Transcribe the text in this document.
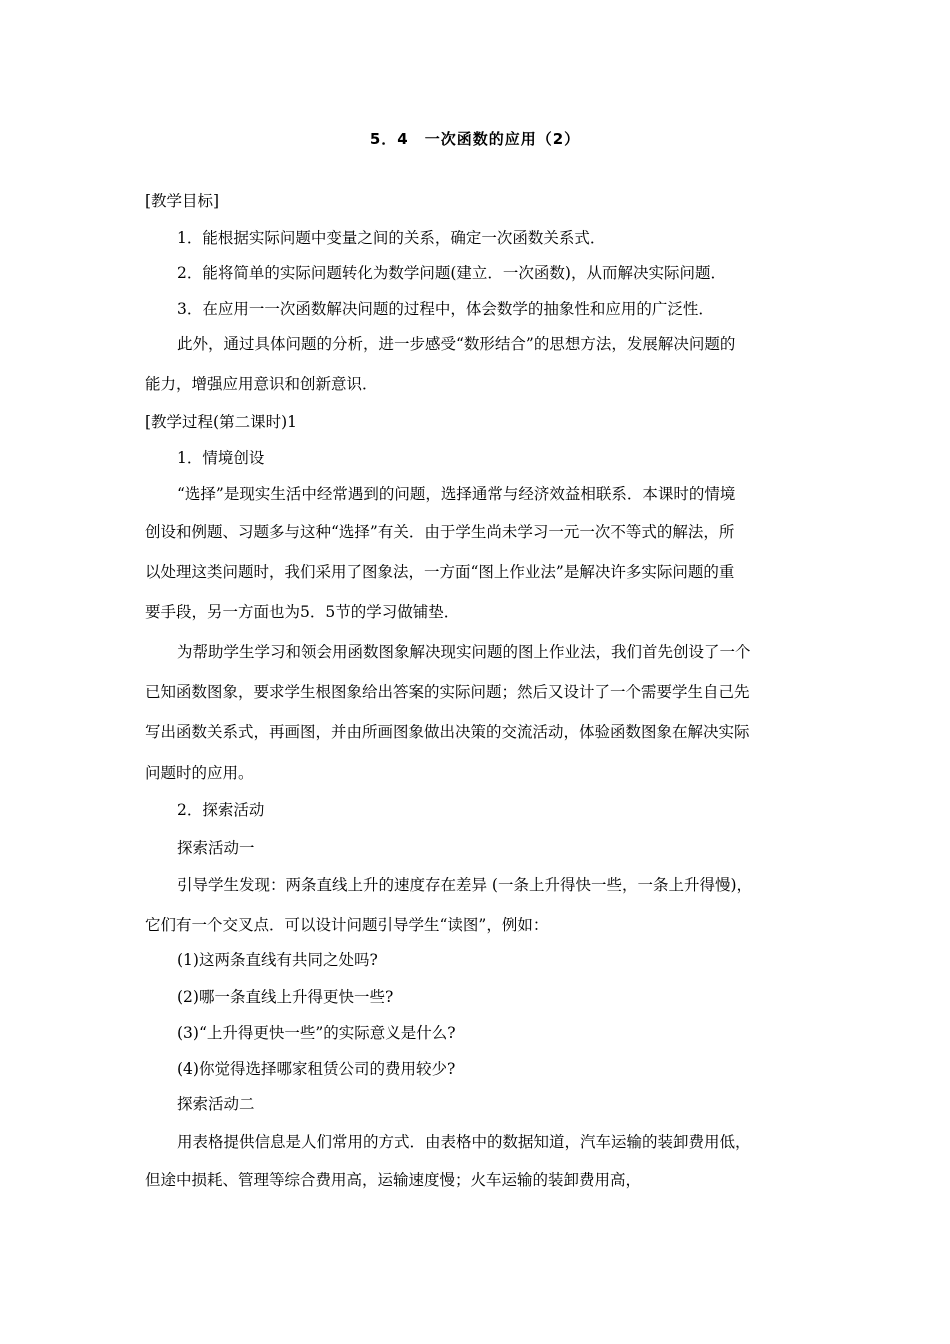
5．4　一次函数的应用（2）
[教学目标]
1．能根据实际问题中变量之间的关系，确定一次函数关系式．
2．能将简单的实际问题转化为数学问题(建立．一次函数)，从而解决实际问题．
3．在应用一一次函数解决问题的过程中，体会数学的抽象性和应用的广泛性．
此外，通过具体问题的分析，进一步感受“数形结合”的思想方法，发展解决问题的
能力，增强应用意识和创新意识．
[教学过程(第二课时)1
1．情境创设
“选择”是现实生活中经常遇到的问题，选择通常与经济效益相联系．本课时的情境
创设和例题、习题多与这种“选择”有关．由于学生尚未学习一元一次不等式的解法，所
以处理这类问题时，我们采用了图象法，一方面“图上作业法”是解决许多实际问题的重
要手段，另一方面也为5．5节的学习做铺垫．
为帮助学生学习和领会用函数图象解决现实问题的图上作业法，我们首先创设了一个
已知函数图象，要求学生根图象给出答案的实际问题；然后又设计了一个需要学生自己先
写出函数关系式，再画图，并由所画图象做出决策的交流活动，体验函数图象在解决实际
问题时的应用。
2．探索活动
探索活动一
引导学生发现：两条直线上升的速度存在差异 (一条上升得快一些，一条上升得慢)，
它们有一个交叉点．可以设计问题引导学生“读图”，例如：
(1)这两条直线有共同之处吗?
(2)哪一条直线上升得更快一些?
(3)“上升得更快一些”的实际意义是什么?
(4)你觉得选择哪家租赁公司的费用较少?
探索活动二
用表格提供信息是人们常用的方式．由表格中的数据知道，汽车运输的装卸费用低，
但途中损耗、管理等综合费用高，运输速度慢；火车运输的装卸费用高，
